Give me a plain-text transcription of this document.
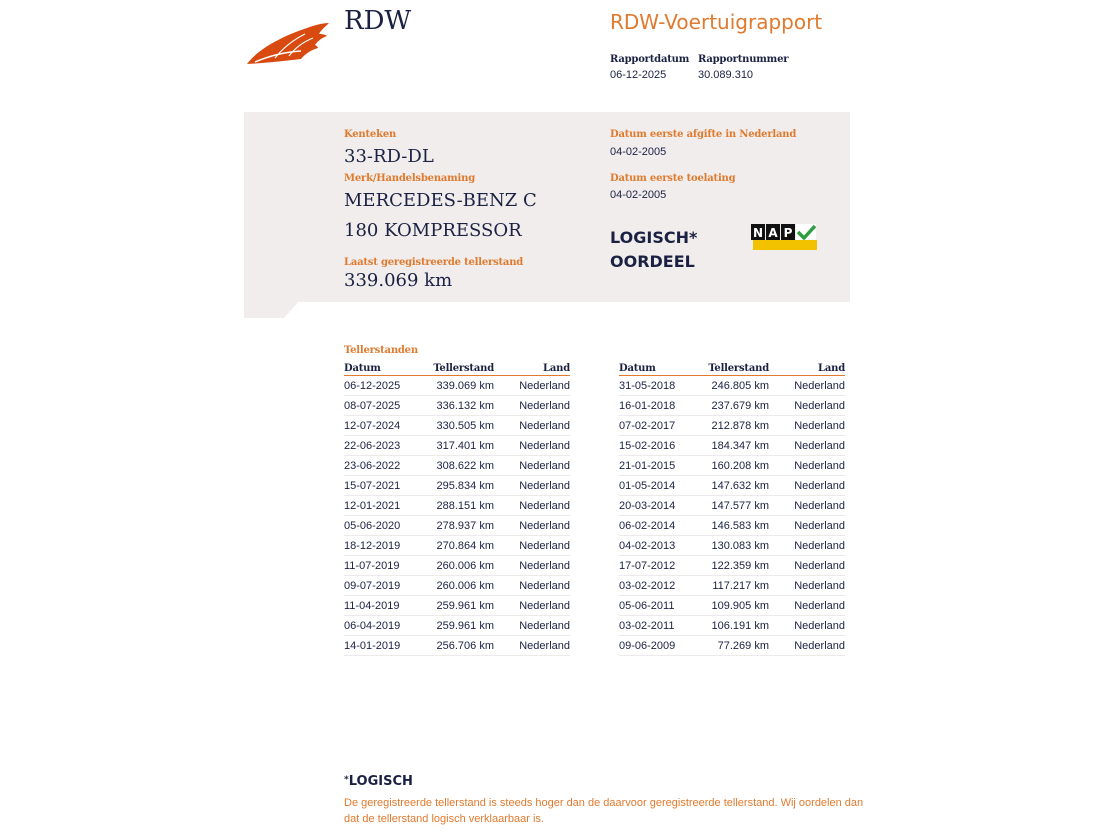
RDW	RDW-Voertuigrapport
Rapportdatum
06-12-2025
Rapportnummer
30.089.310
Kenteken
33-RD-DL
Merk/Handelsbenaming
MERCEDES-BENZ C
180 KOMPRESSOR
Laatst geregistreerde tellerstand
339.069 km
Datum eerste afgifte in Nederland
04-02-2005
Datum eerste toelating
04-02-2005
LOGISCH*
OORDEEL
N A P
Tellerstanden
Datum	Tellerstand	Land
06-12-2025	339.069 km	Nederland
08-07-2025	336.132 km	Nederland
12-07-2024	330.505 km	Nederland
22-06-2023	317.401 km	Nederland
23-06-2022	308.622 km	Nederland
15-07-2021	295.834 km	Nederland
12-01-2021	288.151 km	Nederland
05-06-2020	278.937 km	Nederland
18-12-2019	270.864 km	Nederland
11-07-2019	260.006 km	Nederland
09-07-2019	260.006 km	Nederland
11-04-2019	259.961 km	Nederland
06-04-2019	259.961 km	Nederland
14-01-2019	256.706 km	Nederland
Datum	Tellerstand	Land
31-05-2018	246.805 km	Nederland
16-01-2018	237.679 km	Nederland
07-02-2017	212.878 km	Nederland
15-02-2016	184.347 km	Nederland
21-01-2015	160.208 km	Nederland
01-05-2014	147.632 km	Nederland
20-03-2014	147.577 km	Nederland
06-02-2014	146.583 km	Nederland
04-02-2013	130.083 km	Nederland
17-07-2012	122.359 km	Nederland
03-02-2012	117.217 km	Nederland
05-06-2011	109.905 km	Nederland
03-02-2011	106.191 km	Nederland
09-06-2009	77.269 km	Nederland
*LOGISCH
De geregistreerde tellerstand is steeds hoger dan de daarvoor geregistreerde tellerstand. Wij oordelen dan dat de tellerstand logisch verklaarbaar is.
